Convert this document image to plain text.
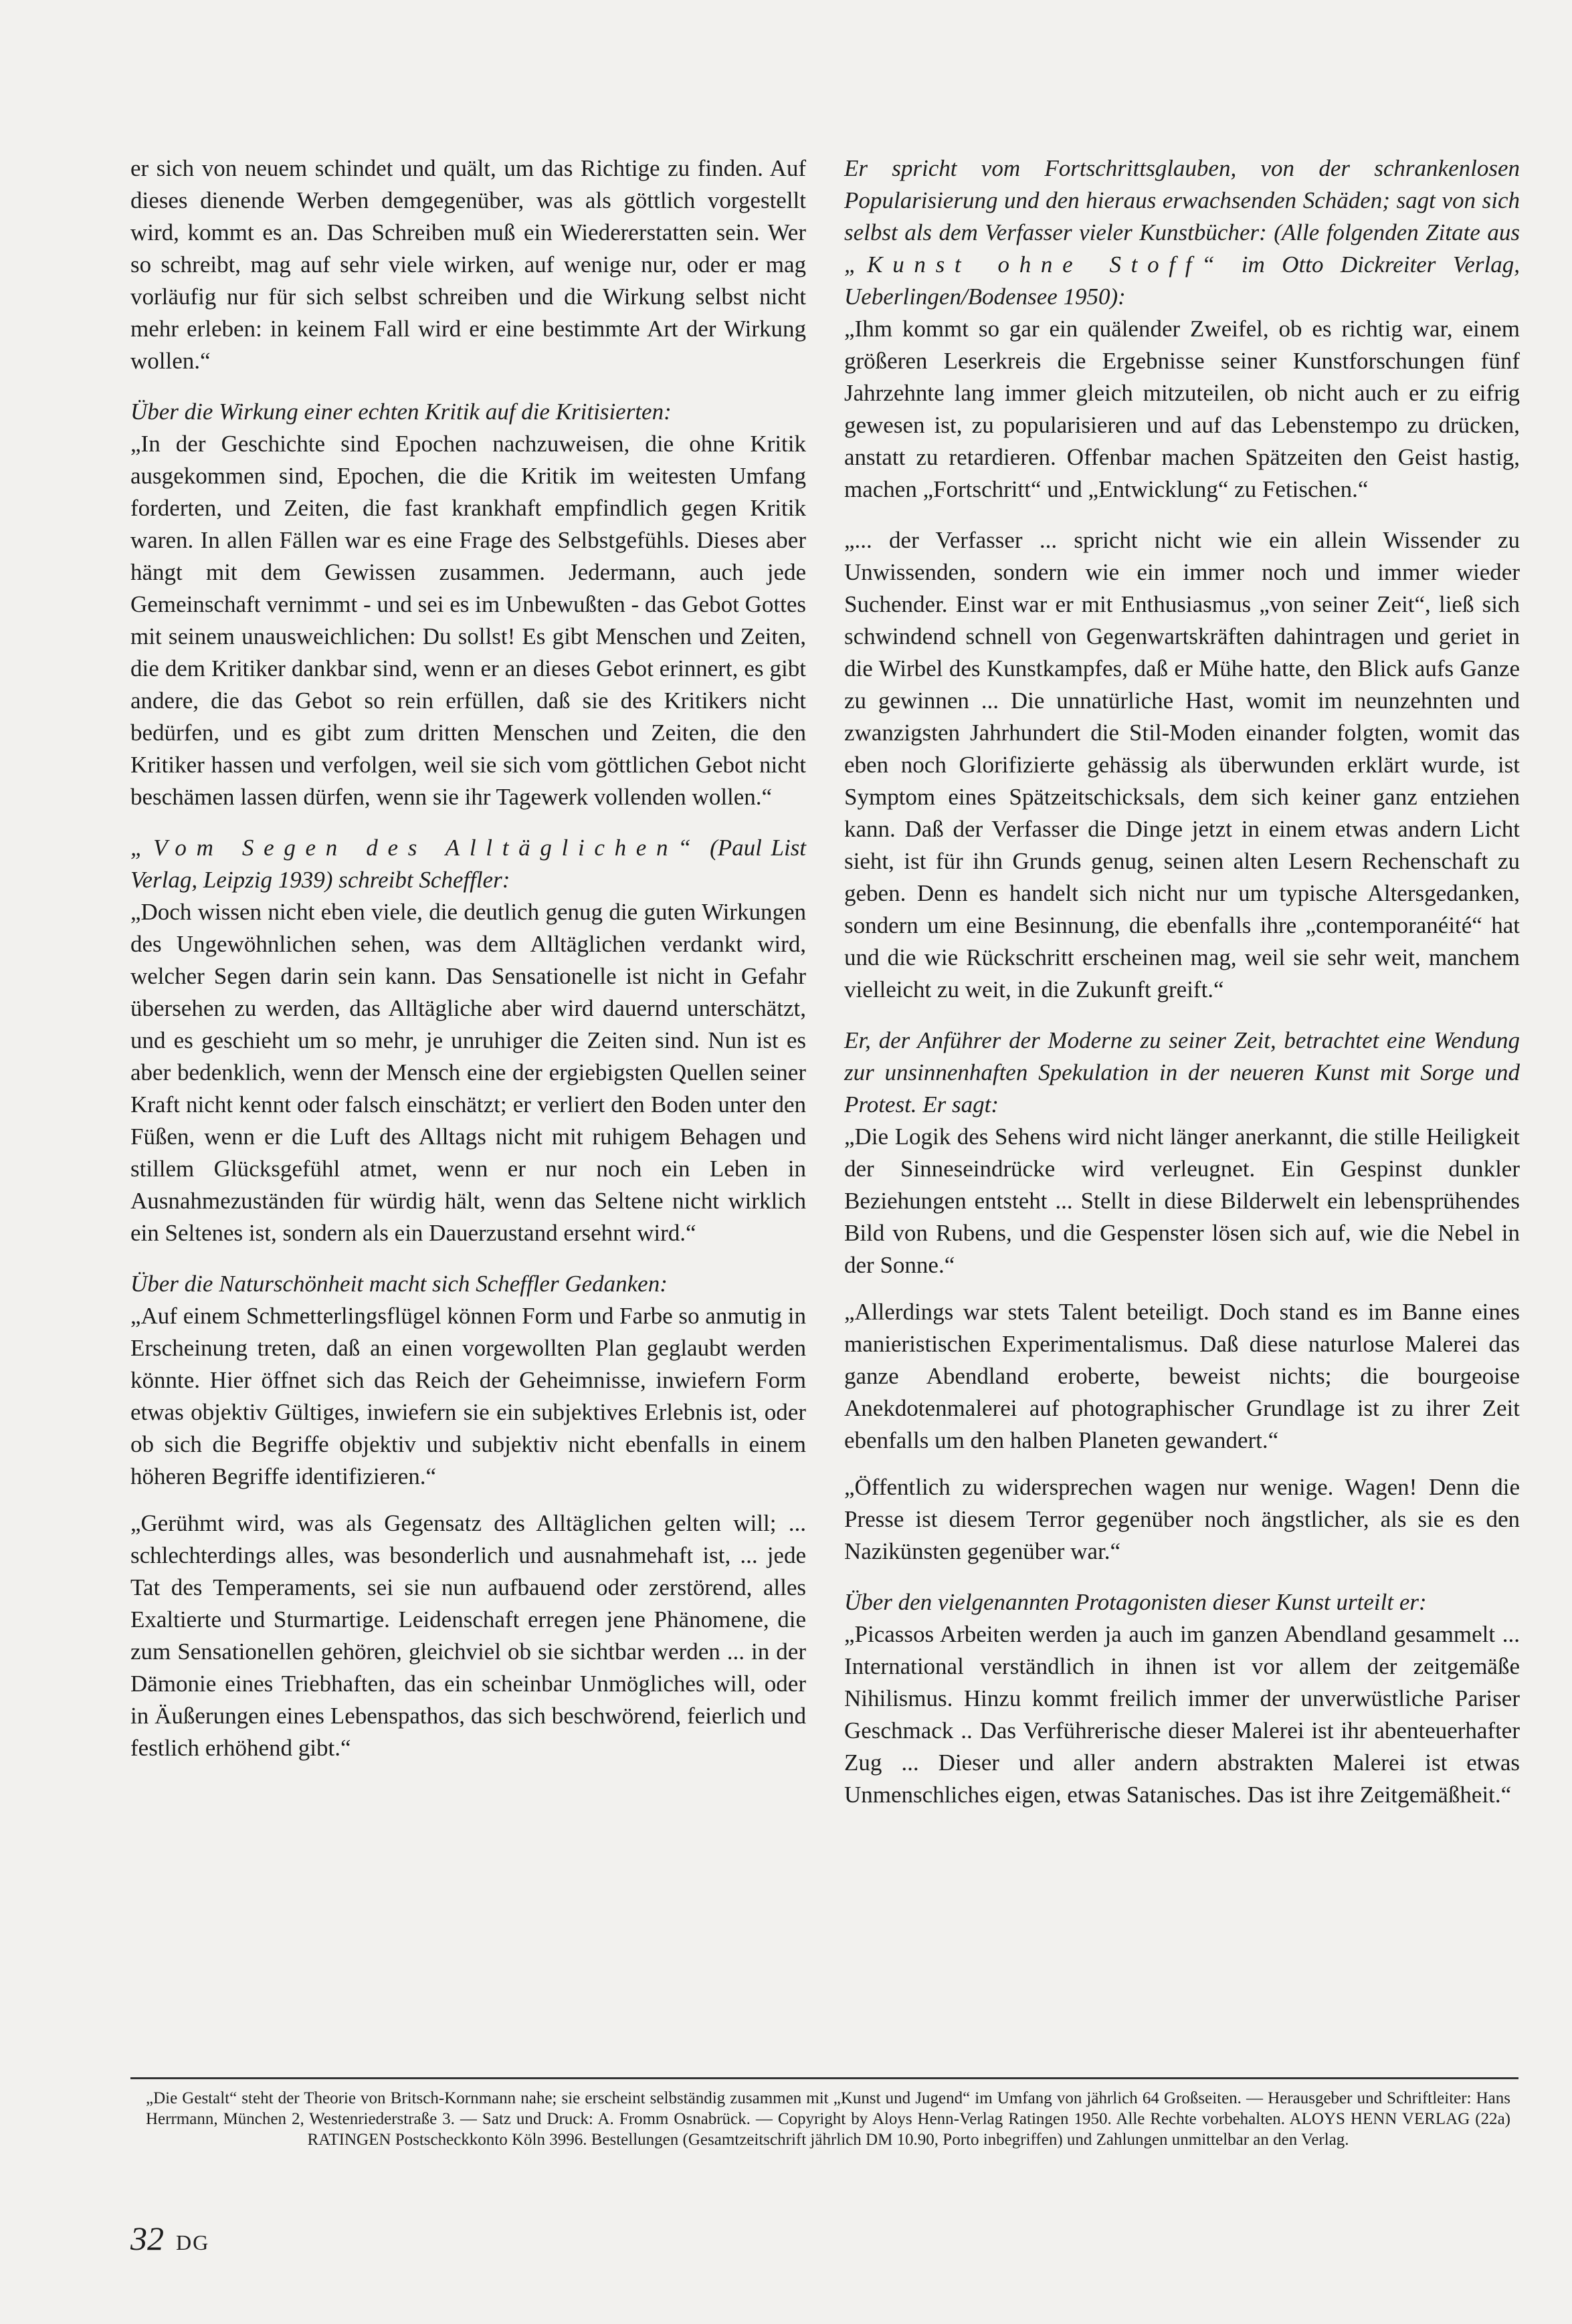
er sich von neuem schindet und quält, um das Richtige zu finden. Auf dieses dienende Werben demgegenüber, was als göttlich vorgestellt wird, kommt es an. Das Schreiben muß ein Wiedererstatten sein. Wer so schreibt, mag auf sehr viele wirken, auf wenige nur, oder er mag vorläufig nur für sich selbst schreiben und die Wirkung selbst nicht mehr erleben: in keinem Fall wird er eine bestimmte Art der Wirkung wollen.“

Über die Wirkung einer echten Kritik auf die Kritisierten:

„In der Geschichte sind Epochen nachzuweisen, die ohne Kritik ausgekommen sind, Epochen, die die Kritik im weitesten Umfang forderten, und Zeiten, die fast krankhaft empfindlich gegen Kritik waren. In allen Fällen war es eine Frage des Selbstgefühls. Dieses aber hängt mit dem Gewissen zusammen. Jedermann, auch jede Gemeinschaft vernimmt - und sei es im Unbewußten - das Gebot Gottes mit seinem unausweichlichen: Du sollst! Es gibt Menschen und Zeiten, die dem Kritiker dankbar sind, wenn er an dieses Gebot erinnert, es gibt andere, die das Gebot so rein erfüllen, daß sie des Kritikers nicht bedürfen, und es gibt zum dritten Menschen und Zeiten, die den Kritiker hassen und verfolgen, weil sie sich vom göttlichen Gebot nicht beschämen lassen dürfen, wenn sie ihr Tagewerk vollenden wollen.“

„Vom Segen des Alltäglichen“ (Paul List Verlag, Leipzig 1939) schreibt Scheffler:

„Doch wissen nicht eben viele, die deutlich genug die guten Wirkungen des Ungewöhnlichen sehen, was dem Alltäglichen verdankt wird, welcher Segen darin sein kann. Das Sensationelle ist nicht in Gefahr übersehen zu werden, das Alltägliche aber wird dauernd unterschätzt, und es geschieht um so mehr, je unruhiger die Zeiten sind. Nun ist es aber bedenklich, wenn der Mensch eine der ergiebigsten Quellen seiner Kraft nicht kennt oder falsch einschätzt; er verliert den Boden unter den Füßen, wenn er die Luft des Alltags nicht mit ruhigem Behagen und stillem Glücksgefühl atmet, wenn er nur noch ein Leben in Ausnahmezuständen für würdig hält, wenn das Seltene nicht wirklich ein Seltenes ist, sondern als ein Dauerzustand ersehnt wird.“

Über die Naturschönheit macht sich Scheffler Gedanken:

„Auf einem Schmetterlingsflügel können Form und Farbe so anmutig in Erscheinung treten, daß an einen vorgewollten Plan geglaubt werden könnte. Hier öffnet sich das Reich der Geheimnisse, inwiefern Form etwas objektiv Gültiges, inwiefern sie ein subjektives Erlebnis ist, oder ob sich die Begriffe objektiv und subjektiv nicht ebenfalls in einem höheren Begriffe identifizieren.“

„Gerühmt wird, was als Gegensatz des Alltäglichen gelten will; ... schlechterdings alles, was besonderlich und ausnahmehaft ist, ... jede Tat des Temperaments, sei sie nun aufbauend oder zerstörend, alles Exaltierte und Sturmartige. Leidenschaft erregen jene Phänomene, die zum Sensationellen gehören, gleichviel ob sie sichtbar werden ... in der Dämonie eines Triebhaften, das ein scheinbar Unmögliches will, oder in Äußerungen eines Lebenspathos, das sich beschwörend, feierlich und festlich erhöhend gibt.“

Er spricht vom Fortschrittsglauben, von der schrankenlosen Popularisierung und den hieraus erwachsenden Schäden; sagt von sich selbst als dem Verfasser vieler Kunstbücher: (Alle folgenden Zitate aus „Kunst ohne Stoff“ im Otto Dickreiter Verlag, Ueberlingen/Bodensee 1950):

„Ihm kommt so gar ein quälender Zweifel, ob es richtig war, einem größeren Leserkreis die Ergebnisse seiner Kunstforschungen fünf Jahrzehnte lang immer gleich mitzuteilen, ob nicht auch er zu eifrig gewesen ist, zu popularisieren und auf das Lebenstempo zu drücken, anstatt zu retardieren. Offenbar machen Spätzeiten den Geist hastig, machen „Fortschritt“ und „Entwicklung“ zu Fetischen.“

„... der Verfasser ... spricht nicht wie ein allein Wissender zu Unwissenden, sondern wie ein immer noch und immer wieder Suchender. Einst war er mit Enthusiasmus „von seiner Zeit“, ließ sich schwindend schnell von Gegenwartskräften dahintragen und geriet in die Wirbel des Kunstkampfes, daß er Mühe hatte, den Blick aufs Ganze zu gewinnen ... Die unnatürliche Hast, womit im neunzehnten und zwanzigsten Jahrhundert die Stil-Moden einander folgten, womit das eben noch Glorifizierte gehässig als überwunden erklärt wurde, ist Symptom eines Spätzeitschicksals, dem sich keiner ganz entziehen kann. Daß der Verfasser die Dinge jetzt in einem etwas andern Licht sieht, ist für ihn Grunds genug, seinen alten Lesern Rechenschaft zu geben. Denn es handelt sich nicht nur um typische Altersgedanken, sondern um eine Besinnung, die ebenfalls ihre „contemporanéité“ hat und die wie Rückschritt erscheinen mag, weil sie sehr weit, manchem vielleicht zu weit, in die Zukunft greift.“

Er, der Anführer der Moderne zu seiner Zeit, betrachtet eine Wendung zur unsinnenhaften Spekulation in der neueren Kunst mit Sorge und Protest. Er sagt:

„Die Logik des Sehens wird nicht länger anerkannt, die stille Heiligkeit der Sinneseindrücke wird verleugnet. Ein Gespinst dunkler Beziehungen entsteht ... Stellt in diese Bilderwelt ein lebensprühendes Bild von Rubens, und die Gespenster lösen sich auf, wie die Nebel in der Sonne.“

„Allerdings war stets Talent beteiligt. Doch stand es im Banne eines manieristischen Experimentalismus. Daß diese naturlose Malerei das ganze Abendland eroberte, beweist nichts; die bourgeoise Anekdotenmalerei auf photographischer Grundlage ist zu ihrer Zeit ebenfalls um den halben Planeten gewandert.“

„Öffentlich zu widersprechen wagen nur wenige. Wagen! Denn die Presse ist diesem Terror gegenüber noch ängstlicher, als sie es den Nazikünsten gegenüber war.“

Über den vielgenannten Protagonisten dieser Kunst urteilt er:

„Picassos Arbeiten werden ja auch im ganzen Abendland gesammelt ... International verständlich in ihnen ist vor allem der zeitgemäße Nihilismus. Hinzu kommt freilich immer der unverwüstliche Pariser Geschmack .. Das Verführerische dieser Malerei ist ihr abenteuerhafter Zug ... Dieser und aller andern abstrakten Malerei ist etwas Unmenschliches eigen, etwas Satanisches. Das ist ihre Zeitgemäßheit.“

„Die Gestalt“ steht der Theorie von Britsch-Kornmann nahe; sie erscheint selbständig zusammen mit „Kunst und Jugend“ im Umfang von jährlich 64 Großseiten. — Herausgeber und Schriftleiter: Hans Herrmann, München 2, Westenriederstraße 3. — Satz und Druck: A. Fromm Osnabrück. — Copyright by Aloys Henn-Verlag Ratingen 1950. Alle Rechte vorbehalten. ALOYS HENN VERLAG (22a) RATINGEN Postscheckkonto Köln 3996. Bestellungen (Gesamtzeitschrift jährlich DM 10.90, Porto inbegriffen) und Zahlungen unmittelbar an den Verlag.
32 DG
